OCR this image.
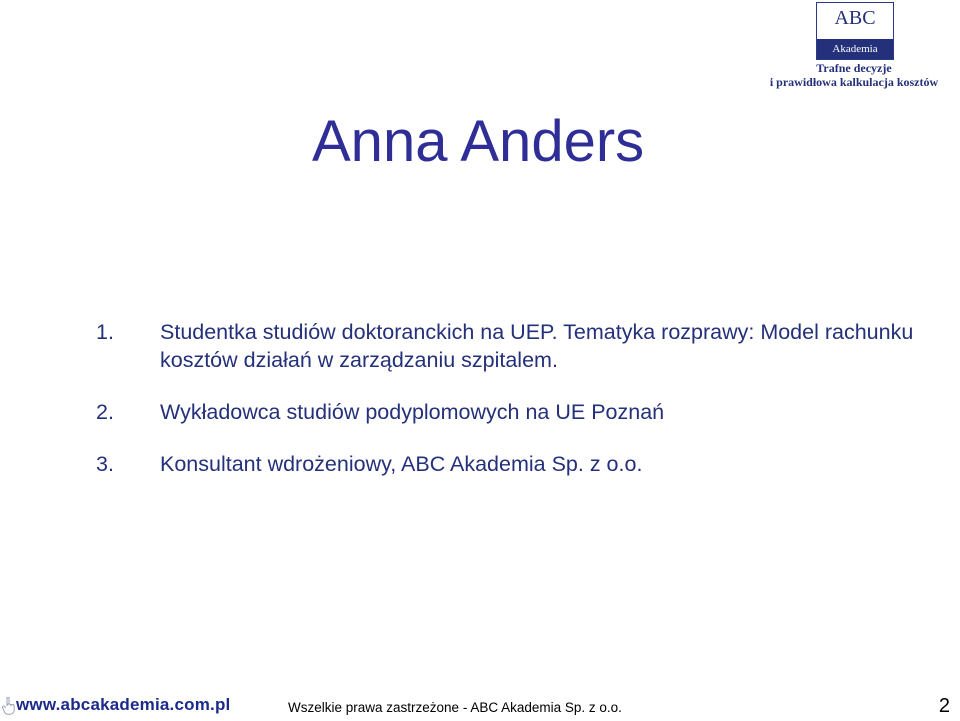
ABC
Akademia
Trafne decyzje
i prawidłowa kalkulacja kosztów
Anna Anders
1. Studentka studiów doktoranckich na UEP. Tematyka rozprawy: Model rachunku kosztów działań w zarządzaniu szpitalem.
2. Wykładowca studiów podyplomowych na UE Poznań
3. Konsultant wdrożeniowy, ABC Akademia Sp. z o.o.
www.abcakademia.com.pl	Wszelkie prawa zastrzeżone - ABC Akademia Sp. z o.o.	2
